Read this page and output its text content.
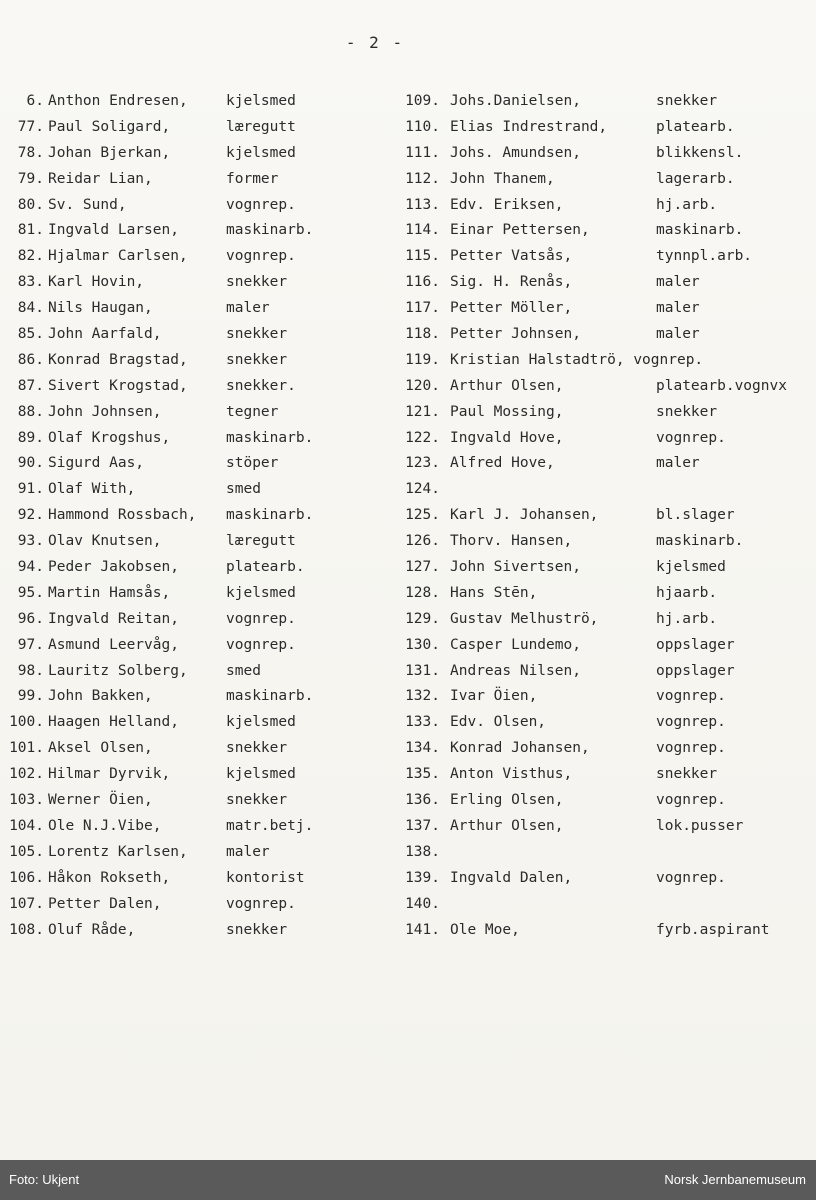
- 2 -
6. Anthon Endresen,	kjelsmed
77. Paul Soligard,	læregutt
78. Johan Bjerkan,	kjelsmed
79. Reidar Lian,	former
80. Sv. Sund,	vognrep.
81. Ingvald Larsen,	maskinarb.
82. Hjalmar Carlsen,	vognrep.
83. Karl Hovin,	snekker
84. Nils Haugan,	maler
85. John Aarfald,	snekker
86. Konrad Bragstad,	snekker
87. Sivert Krogstad,	snekker.
88. John Johnsen,	tegner
89. Olaf Krogshus,	maskinarb.
90. Sigurd Aas,	stöper
91. Olaf With,	smed
92. Hammond Rossbach, maskinarb.
93. Olav Knutsen,	læregutt
94. Peder Jakobsen,	platearb.
95. Martin Hamsås,	kjelsmed
96. Ingvald Reitan,	vognrep.
97. Asmund Leervåg,	vognrep.
98. Lauritz Solberg,	smed
99. John Bakken,	maskinarb.
100. Haagen Helland,	kjelsmed
101. Aksel Olsen,	snekker
102. Hilmar Dyrvik,	kjelsmed
103. Werner Öien,	snekker
104. Ole N.J.Vibe,	matr.betj.
105. Lorentz Karlsen,	maler
106. Håkon Rokseth,	kontorist
107. Petter Dalen,	vognrep.
108. Oluf Råde,	snekker
109. Johs.Danielsen,	snekker
110. Elias Indrestrand,	platearb.
111. Johs. Amundsen,	blikkensl.
112. John Thanem,	lagerarb.
113. Edv. Eriksen,	hj.arb.
114. Einar Pettersen,	maskinarb.
115. Petter Vatsås,	tynnpl.arb.
116. Sig. H. Renås,	maler
117. Petter Möller,	maler
118. Petter Johnsen,	maler
119. Kristian Halstadtrö, vognrep.
120. Arthur Olsen,	platearb.vognvx
121. Paul Mossing,	snekker
122. Ingvald Hove,	vognrep.
123. Alfred Hove,	maler
124.
125. Karl J. Johansen,	bl.slager
126. Thorv. Hansen,	maskinarb.
127. John Sivertsen,	kjelsmed
128. Hans Stēn,	hjaarb.
129. Gustav Melhuströ,	hj.arb.
130. Casper Lundemo,	oppslager
131. Andreas Nilsen,	oppslager
132. Ivar Öien,	vognrep.
133. Edv. Olsen,	vognrep.
134. Konrad Johansen,	vognrep.
135. Anton Visthus,	snekker
136. Erling Olsen,	vognrep.
137. Arthur Olsen,	lok.pusser
138.
139. Ingvald Dalen,	vognrep.
140.
141. Ole Moe,	fyrb.aspirant
Foto: Ukjent	Norsk Jernbanemuseum
